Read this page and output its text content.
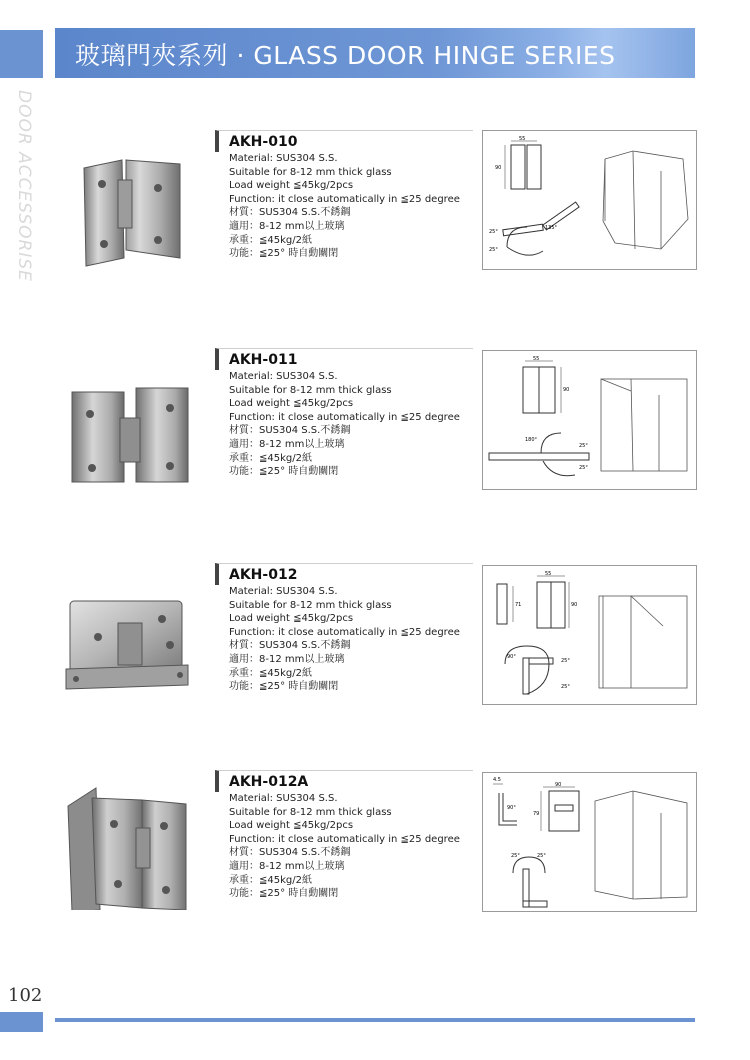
玻璃門夾系列 · GLASS DOOR HINGE SERIES
DOOR ACCESSORISE	AKH-010
Material: SUS304 S.S.
Suitable for 8-12 mm thick glass
Load weight ≦45kg/2pcs
Function: it close automatically in ≦25 degree
材質：SUS304 S.S.不銹鋼
適用：8-12 mm以上玻璃
承重：≦45kg/2紙
功能：≦25° 時自動關閉
55
90
135°
25°
25°
AKH-011
Material: SUS304 S.S.
Suitable for 8-12 mm thick glass
Load weight ≦45kg/2pcs
Function: it close automatically in ≦25 degree
材質：SUS304 S.S.不銹鋼
適用：8-12 mm以上玻璃
承重：≦45kg/2紙
功能：≦25° 時自動關閉
55
90
180°
25°
25°
AKH-012
Material: SUS304 S.S.
Suitable for 8-12 mm thick glass
Load weight ≦45kg/2pcs
Function: it close automatically in ≦25 degree
材質：SUS304 S.S.不銹鋼
適用：8-12 mm以上玻璃
承重：≦45kg/2紙
功能：≦25° 時自動關閉
55
71	90
90°
25°
25°
AKH-012A
Material: SUS304 S.S.
Suitable for 8-12 mm thick glass
Load weight ≦45kg/2pcs
Function: it close automatically in ≦25 degree
材質：SUS304 S.S.不銹鋼
適用：8-12 mm以上玻璃
承重：≦45kg/2紙
功能：≦25° 時自動關閉
4.5
90
90°
79
25°	25°
102
